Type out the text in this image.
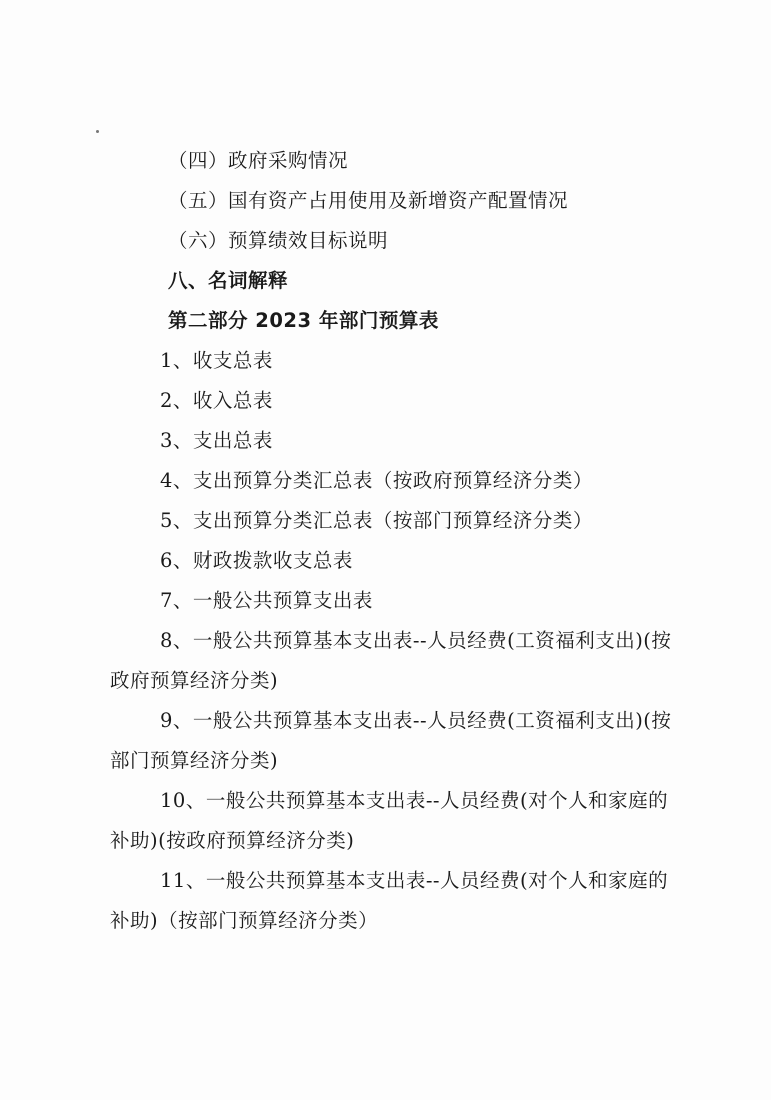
（四）政府采购情况
（五）国有资产占用使用及新增资产配置情况
（六）预算绩效目标说明
八、名词解释
第二部分 2023 年部门预算表
1、收支总表
2、收入总表
3、支出总表
4、支出预算分类汇总表（按政府预算经济分类）
5、支出预算分类汇总表（按部门预算经济分类）
6、财政拨款收支总表
7、一般公共预算支出表
8、一般公共预算基本支出表--人员经费(工资福利支出)(按
政府预算经济分类)
9、一般公共预算基本支出表--人员经费(工资福利支出)(按
部门预算经济分类)
10、一般公共预算基本支出表--人员经费(对个人和家庭的
补助)(按政府预算经济分类)
11、一般公共预算基本支出表--人员经费(对个人和家庭的
补助)（按部门预算经济分类）
